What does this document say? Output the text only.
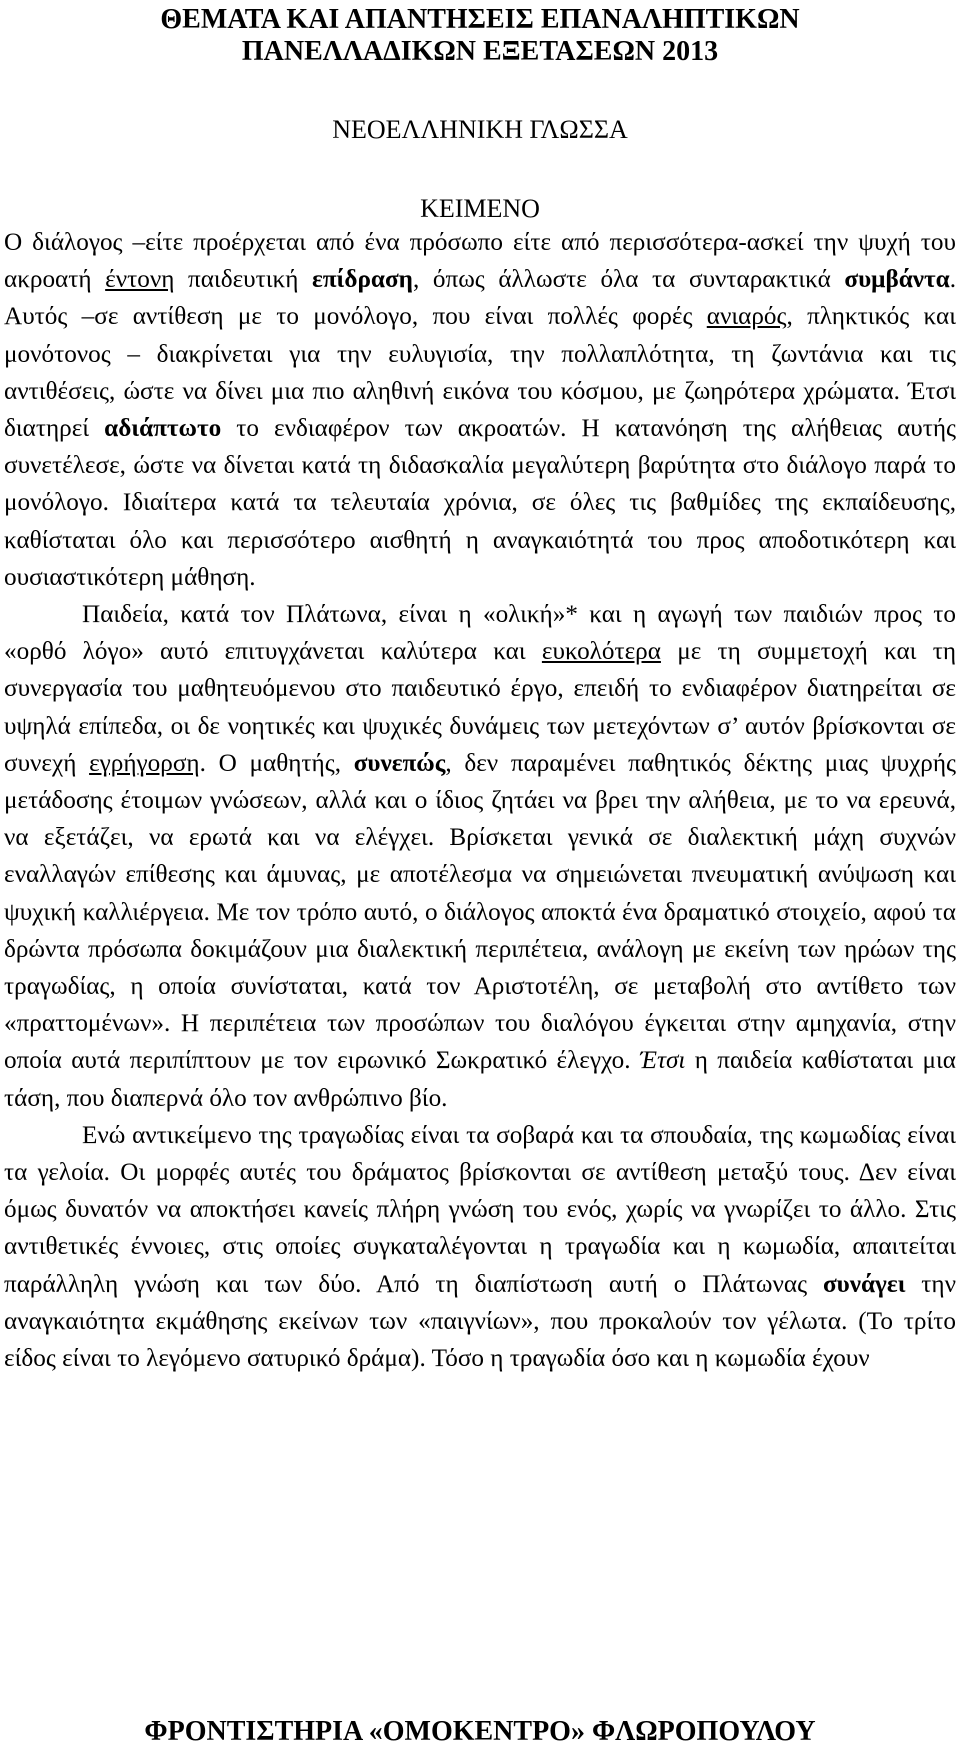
ΘΕΜΑΤΑ ΚΑΙ ΑΠΑΝΤΗΣΕΙΣ ΕΠΑΝΑΛΗΠΤΙΚΩΝ
ΠΑΝΕΛΛΑΔΙΚΩΝ ΕΞΕΤΑΣΕΩΝ 2013
ΝΕΟΕΛΛΗΝΙΚΗ ΓΛΩΣΣΑ
ΚΕΙΜΕΝΟ

Ο διάλογος –είτε προέρχεται από ένα πρόσωπο είτε από περισσότερα-ασκεί την ψυχή του ακροατή έντονη παιδευτική επίδραση, όπως άλλωστε όλα τα συνταρακτικά συμβάντα. Αυτός –σε αντίθεση με το μονόλογο, που είναι πολλές φορές ανιαρός, πληκτικός και μονότονος – διακρίνεται για την ευλυγισία, την πολλαπλότητα, τη ζωντάνια και τις αντιθέσεις, ώστε να δίνει μια πιο αληθινή εικόνα του κόσμου, με ζωηρότερα χρώματα. Έτσι διατηρεί αδιάπτωτο το ενδιαφέρον των ακροατών. Η κατανόηση της αλήθειας αυτής συνετέλεσε, ώστε να δίνεται κατά τη διδασκαλία μεγαλύτερη βαρύτητα στο διάλογο παρά το μονόλογο. Ιδιαίτερα κατά τα τελευταία χρόνια, σε όλες τις βαθμίδες της εκπαίδευσης, καθίσταται όλο και περισσότερο αισθητή η αναγκαιότητά του προς αποδοτικότερη και ουσιαστικότερη μάθηση.

Παιδεία, κατά τον Πλάτωνα, είναι η «ολική»* και η αγωγή των παιδιών προς το «ορθό λόγο» αυτό επιτυγχάνεται καλύτερα και ευκολότερα με τη συμμετοχή και τη συνεργασία του μαθητευόμενου στο παιδευτικό έργο, επειδή το ενδιαφέρον διατηρείται σε υψηλά επίπεδα, οι δε νοητικές και ψυχικές δυνάμεις των μετεχόντων σ’ αυτόν βρίσκονται σε συνεχή εγρήγορση. Ο μαθητής, συνεπώς, δεν παραμένει παθητικός δέκτης μιας ψυχρής μετάδοσης έτοιμων γνώσεων, αλλά και ο ίδιος ζητάει να βρει την αλήθεια, με το να ερευνά, να εξετάζει, να ερωτά και να ελέγχει. Βρίσκεται γενικά σε διαλεκτική μάχη συχνών εναλλαγών επίθεσης και άμυνας, με αποτέλεσμα να σημειώνεται πνευματική ανύψωση και ψυχική καλλιέργεια. Με τον τρόπο αυτό, ο διάλογος αποκτά ένα δραματικό στοιχείο, αφού τα δρώντα πρόσωπα δοκιμάζουν μια διαλεκτική περιπέτεια, ανάλογη με εκείνη των ηρώων της τραγωδίας, η οποία συνίσταται, κατά τον Αριστοτέλη, σε μεταβολή στο αντίθετο των «πραττομένων». Η περιπέτεια των προσώπων του διαλόγου έγκειται στην αμηχανία, στην οποία αυτά περιπίπτουν με τον ειρωνικό Σωκρατικό έλεγχο. Έτσι η παιδεία καθίσταται μια τάση, που διαπερνά όλο τον ανθρώπινο βίο.

Ενώ αντικείμενο της τραγωδίας είναι τα σοβαρά και τα σπουδαία, της κωμωδίας είναι τα γελοία. Οι μορφές αυτές του δράματος βρίσκονται σε αντίθεση μεταξύ τους. Δεν είναι όμως δυνατόν να αποκτήσει κανείς πλήρη γνώση του ενός, χωρίς να γνωρίζει το άλλο. Στις αντιθετικές έννοιες, στις οποίες συγκαταλέγονται η τραγωδία και η κωμωδία, απαιτείται παράλληλη γνώση και των δύο. Από τη διαπίστωση αυτή ο Πλάτωνας συνάγει την αναγκαιότητα εκμάθησης εκείνων των «παιγνίων», που προκαλούν τον γέλωτα. (Το τρίτο είδος είναι το λεγόμενο σατυρικό δράμα). Τόσο η τραγωδία όσο και η κωμωδία έχουν

ΦΡΟΝΤΙΣΤΗΡΙΑ «ΟΜΟΚΕΝΤΡΟ» ΦΛΩΡΟΠΟΥΛΟΥ
